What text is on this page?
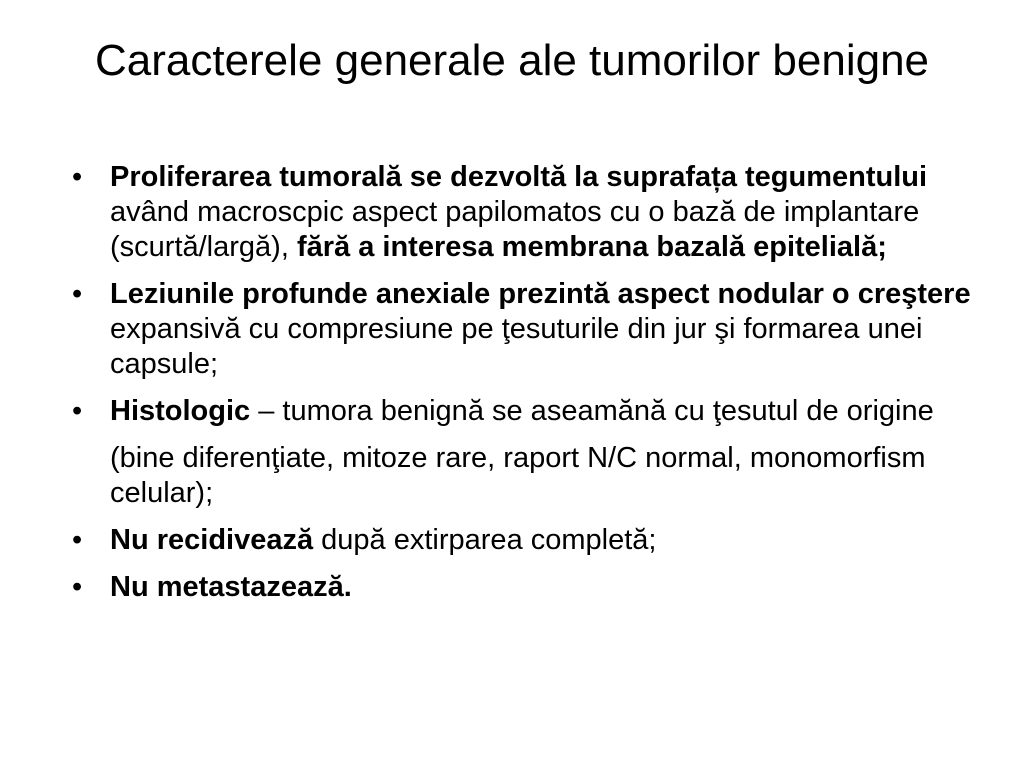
Caracterele generale ale tumorilor benigne
• Proliferarea tumorală se dezvoltă la suprafața tegumentului având macroscpic aspect papilomatos cu o bază de implantare (scurtă/largă), fără a interesa membrana bazală epitelială;
• Leziunile profunde anexiale prezintă aspect nodular o creştere expansivă cu compresiune pe ţesuturile din jur şi formarea unei capsule;
• Histologic – tumora benignă se aseamănă cu ţesutul de origine
(bine diferenţiate, mitoze rare, raport N/C normal, monomorfism celular);
• Nu recidivează după extirparea completă;
• Nu metastazează.
